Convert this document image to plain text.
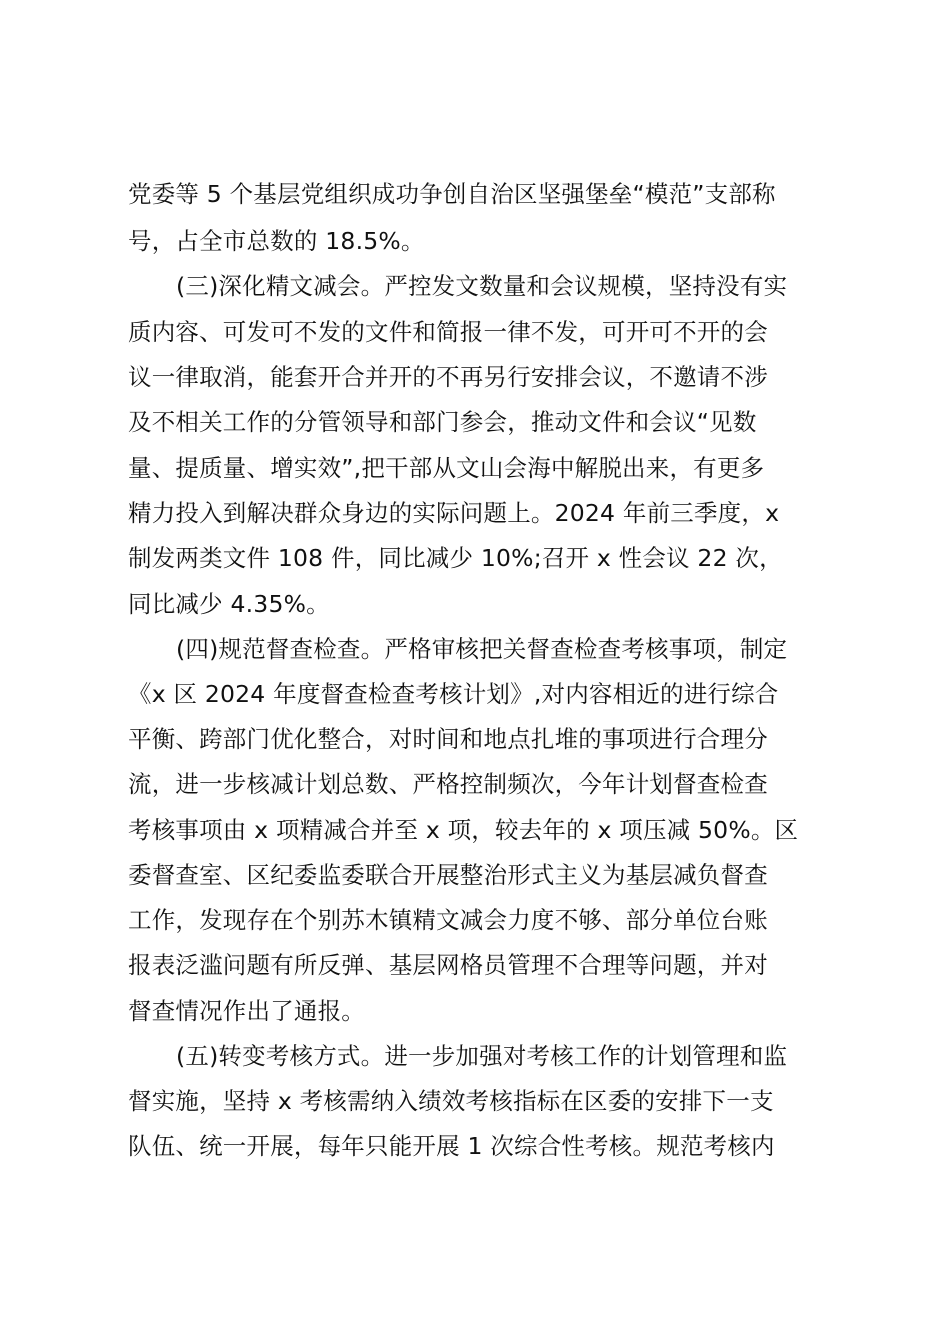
党委等 5 个基层党组织成功争创自治区坚强堡垒“模范”支部称
号，占全市总数的 18.5%。
(三)深化精文减会。严控发文数量和会议规模，坚持没有实
质内容、可发可不发的文件和简报一律不发，可开可不开的会
议一律取消，能套开合并开的不再另行安排会议，不邀请不涉
及不相关工作的分管领导和部门参会，推动文件和会议“见数
量、提质量、增实效”,把干部从文山会海中解脱出来，有更多
精力投入到解决群众身边的实际问题上。2024 年前三季度，x
制发两类文件 108 件，同比减少 10%;召开 x 性会议 22 次，
同比减少 4.35%。
(四)规范督查检查。严格审核把关督查检查考核事项，制定
《x 区 2024 年度督查检查考核计划》,对内容相近的进行综合
平衡、跨部门优化整合，对时间和地点扎堆的事项进行合理分
流，进一步核减计划总数、严格控制频次，今年计划督查检查
考核事项由 x 项精减合并至 x 项，较去年的 x 项压减 50%。区
委督查室、区纪委监委联合开展整治形式主义为基层减负督查
工作，发现存在个别苏木镇精文减会力度不够、部分单位台账
报表泛滥问题有所反弹、基层网格员管理不合理等问题，并对
督查情况作出了通报。
(五)转变考核方式。进一步加强对考核工作的计划管理和监
督实施，坚持 x 考核需纳入绩效考核指标在区委的安排下一支
队伍、统一开展，每年只能开展 1 次综合性考核。规范考核内
